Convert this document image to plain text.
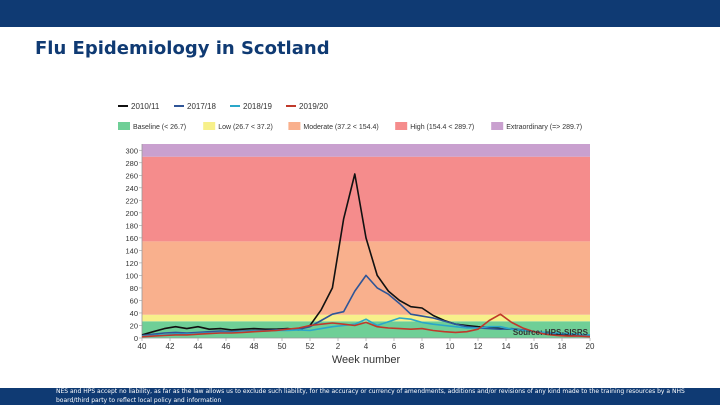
Flu Epidemiology in Scotland
2010/11	2017/18	2018/19	2019/20
Baseline (< 26.7)	Low (26.7 < 37.2)	Moderate (37.2 < 154.4)	High (154.4 < 289.7)	Extraordinary (=> 289.7)
0
20
40
60
80
100
120
140
160
180
200
220
240
260
280
300
40 42 44 46 48 50 52	2	4	6	8	10 12 14 16 18 20
Source: HPS-SISRS
Week number
NES and HPS accept no liability, as far as the law allows us to exclude such liability, for the accuracy or currency of amendments, additions and/or revisions of any kind made to the training resources by a NHS board/third party to reflect local policy and information
